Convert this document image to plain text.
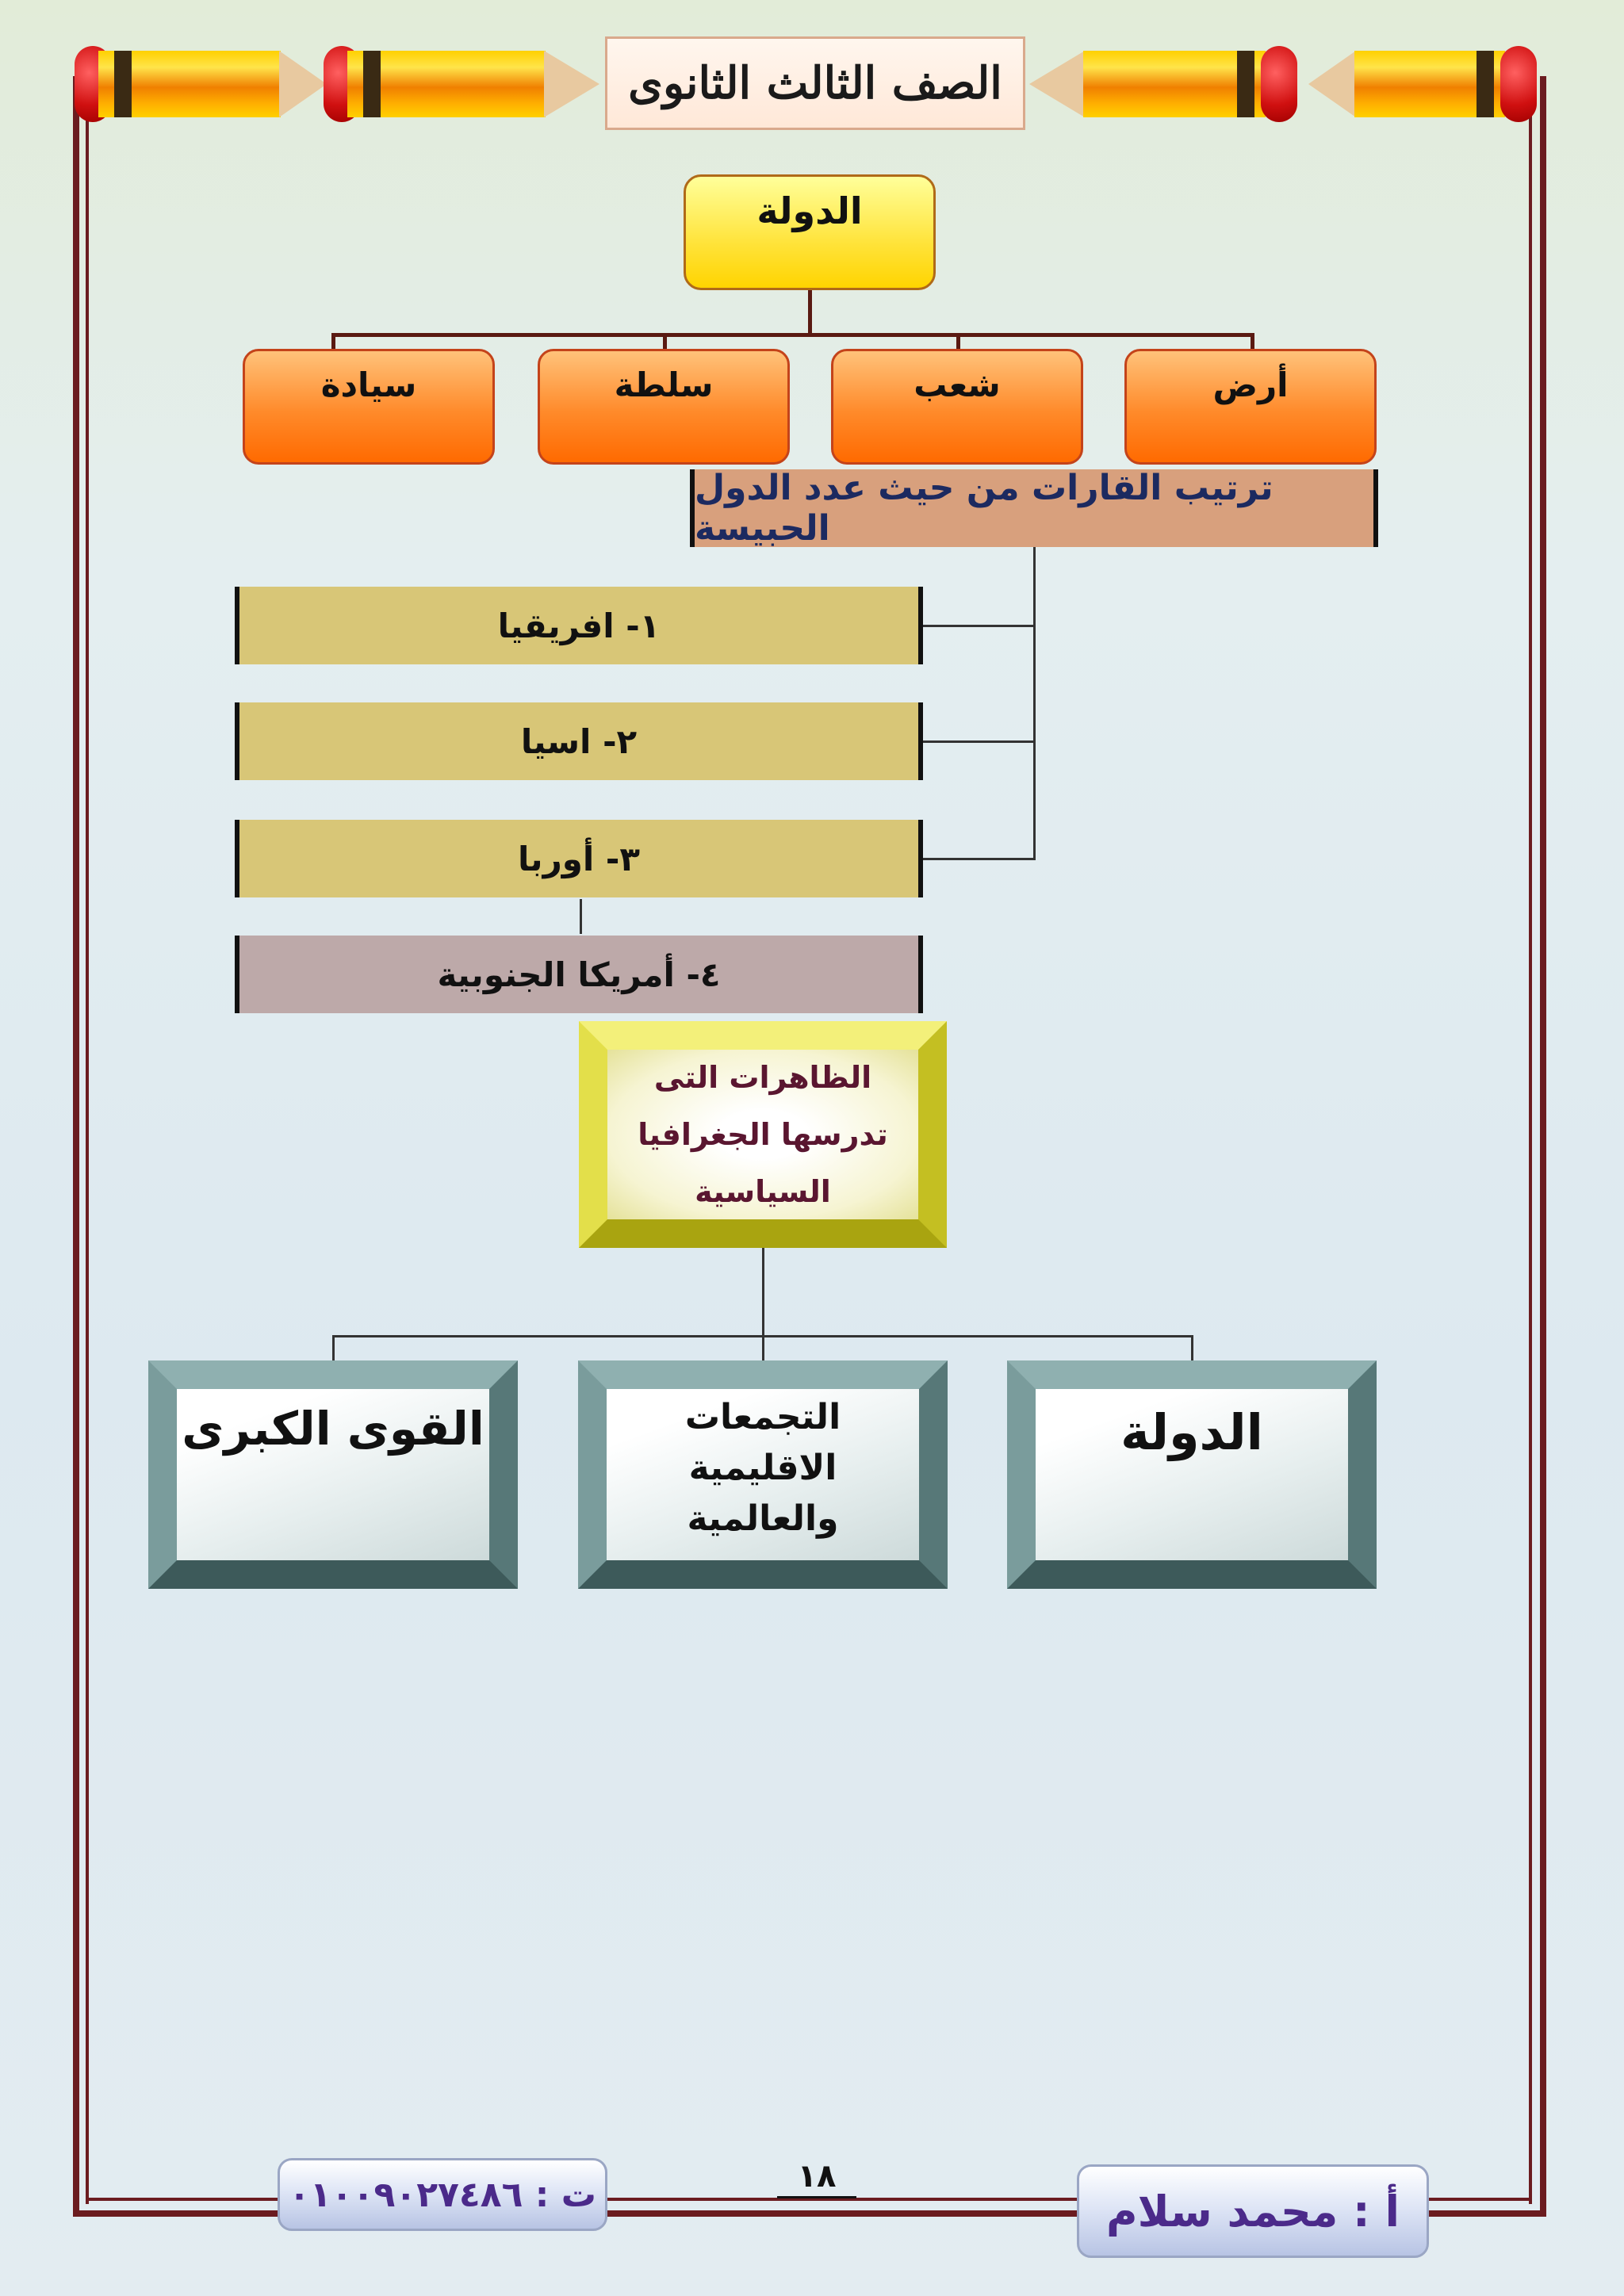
الصف الثالث الثانوى
الدولة
أرض
شعب
سلطة
سيادة
ترتيب القارات من حيث عدد الدول الحبيسة
١- افريقيا
٢- اسيا
٣- أوربا
٤- أمريكا الجنوبية
الظاهرات التى
تدرسها الجغرافيا
السياسية
الدولة
التجمعات الاقليمية
والعالمية
القوى الكبرى
ت : ٠١٠٠٩٠٢٧٤٨٦	١٨
أ : محمد سلام
